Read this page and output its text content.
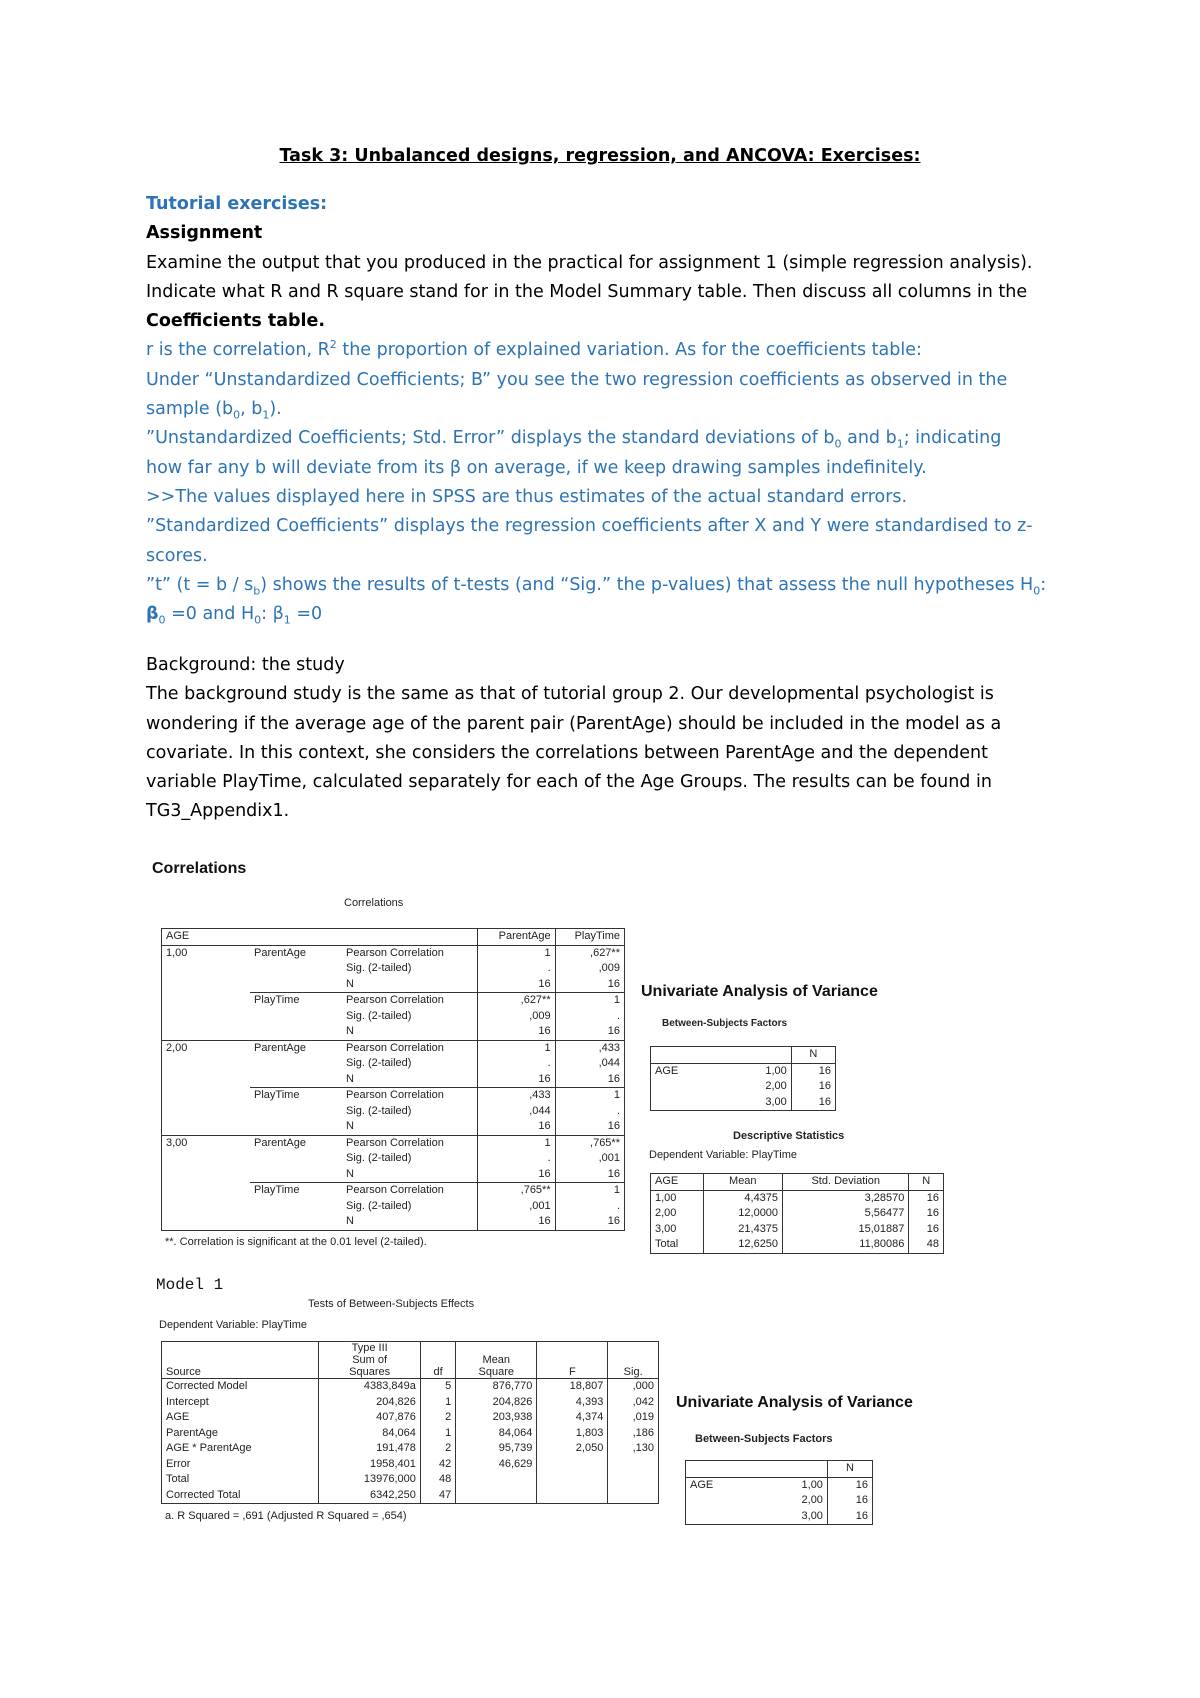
Task 3: Unbalanced designs, regression, and ANCOVA: Exercises:
Tutorial exercises:
Assignment
Examine the output that you produced in the practical for assignment 1 (simple regression analysis).
Indicate what R and R square stand for in the Model Summary table. Then discuss all columns in the
Coefficients table.
r is the correlation, $R^2$ the proportion of explained variation. As for the coefficients table:
Under “Unstandardized Coefficients; B” you see the two regression coefficients as observed in the
sample ($b_0$, $b_1$).
”Unstandardized Coefficients; Std. Error” displays the standard deviations of $b_0$ and $b_1$; indicating
how far any b will deviate from its β on average, if we keep drawing samples indefinitely.
>>The values displayed here in SPSS are thus estimates of the actual standard errors.
”Standardized Coefficients” displays the regression coefficients after X and Y were standardised to z-
scores.
”t” $(t = b / s_b)$ shows the results of t-tests (and “Sig.” the p-values) that assess the null hypotheses $H_0$:
$\beta_0 =0$ and $H_0$: $\beta_1 =0$
Background: the study
The background study is the same as that of tutorial group 2. Our developmental psychologist is
wondering if the average age of the parent pair (ParentAge) should be included in the model as a
covariate. In this context, she considers the correlations between ParentAge and the dependent
variable PlayTime, calculated separately for each of the Age Groups. The results can be found in
TG3_Appendix1.
Correlations
Correlations
AGE			ParentAge	PlayTime
1,00	ParentAge	Pearson Correlation	1	,627**
		Sig. (2-tailed)	.	,009
		N	16	16
	PlayTime	Pearson Correlation	,627**	1
		Sig. (2-tailed)	,009	.
		N	16	16
2,00	ParentAge	Pearson Correlation	1	,433
		Sig. (2-tailed)	.	,044
		N	16	16
	PlayTime	Pearson Correlation	,433	1
		Sig. (2-tailed)	,044	.
		N	16	16
3,00	ParentAge	Pearson Correlation	1	,765**
		Sig. (2-tailed)	.	,001
		N	16	16
	PlayTime	Pearson Correlation	,765**	1
		Sig. (2-tailed)	,001	.
		N	16	16
**. Correlation is significant at the 0.01 level (2-tailed).
Univariate Analysis of Variance
Between-Subjects Factors
		N
AGE	1,00	16
	2,00	16
	3,00	16
Descriptive Statistics
Dependent Variable: PlayTime
AGE	Mean	Std. Deviation	N
1,00	4,4375	3,28570	16
2,00	12,0000	5,56477	16
3,00	21,4375	15,01887	16
Total	12,6250	11,80086	48
Model 1
Tests of Between-Subjects Effects
Dependent Variable: PlayTime
	Type III				
	Sum of		Mean		
Source	Squares	df	Square	F	Sig.
Corrected Model	4383,849a	5	876,770	18,807	,000
Intercept	204,826	1	204,826	4,393	,042
AGE	407,876	2	203,938	4,374	,019
ParentAge	84,064	1	84,064	1,803	,186
AGE * ParentAge	191,478	2	95,739	2,050	,130
Error	1958,401	42	46,629		
Total	13976,000	48			
Corrected Total	6342,250	47			
a. R Squared = ,691 (Adjusted R Squared = ,654)
Univariate Analysis of Variance
Between-Subjects Factors
		N
AGE	1,00	16
	2,00	16
	3,00	16
